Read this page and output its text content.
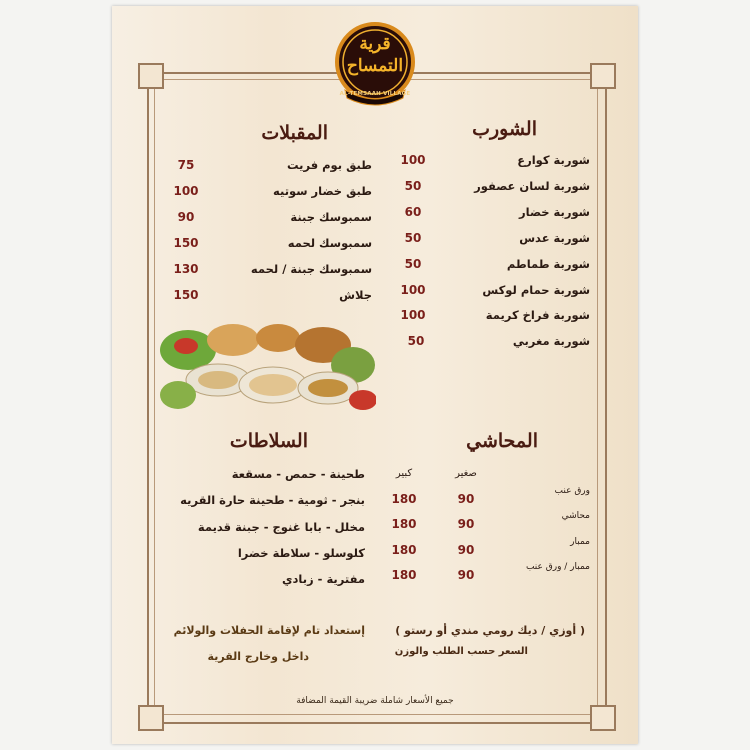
قرية
التمساح
AL-TEMSAAH VILLAGE
الشورب
شوربة كوارع
100
شوربة لسان عصفور
50
شوربة خضار
60
شوربة عدس
50
شوربة طماطم
50
شوربة حمام لوكس
100
شوربة فراخ كريمة
100
شوربة مغربي
50
المقبلات
طبق بوم فريت
75
طبق خضار سوتيه
100
سمبوسك جبنة
90
سمبوسك لحمه
150
سمبوسك جبنة / لحمه
130
جلاش
150
المحاشي
صغير
كبير
ورق عنب
90
180
محاشي
90
180
ممبار
90
180
ممبار / ورق عنب
90
180
السلاطات
طحينة - حمص - مسقعة
بنجر - ثومية - طحينة حارة القريه
مخلل - بابا غنوج - جبنة قديمة
كلوسلو - سلاطة خضرا
مفترية - زبادي
( أوزي / ديك رومي مندي أو رستو )
السعر حسب الطلب والوزن
إستعداد تام لإقامة الحفلات والولائم
داخل وخارج القرية
جميع الأسعار شاملة ضريبة القيمة المضافة
